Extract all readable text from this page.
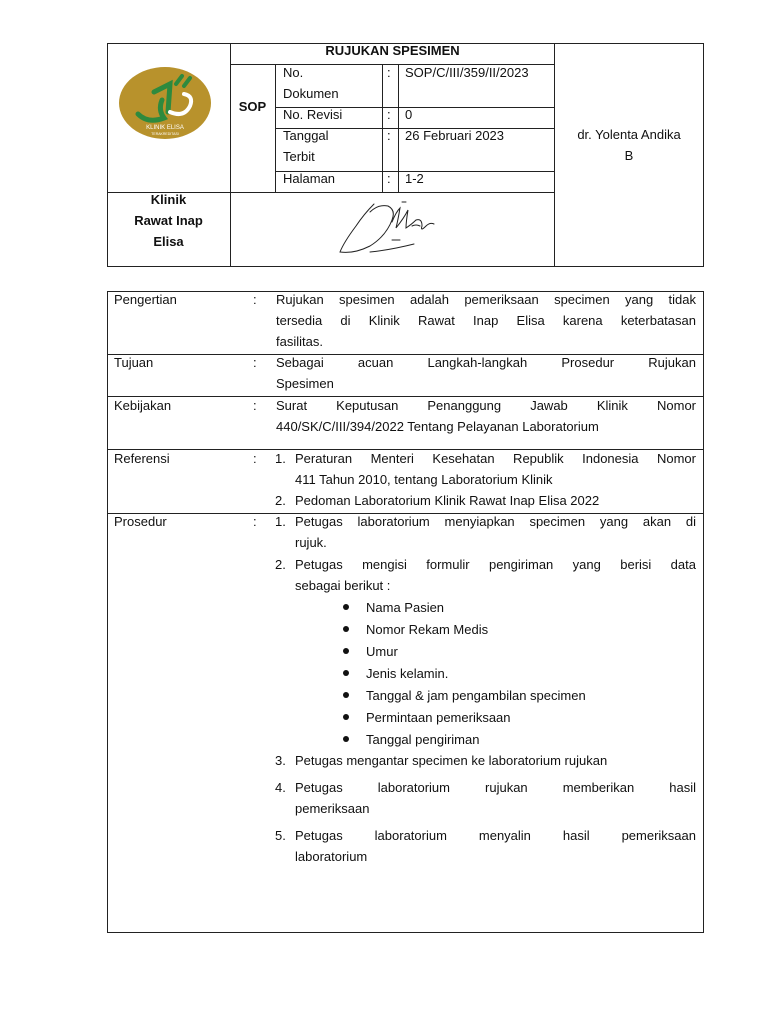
KLINIK ELISA
TERAKREDITASI
Klinik
Rawat Inap
Elisa
RUJUKAN SPESIMEN
SOP
No.
Dokumen
: SOP/C/III/359/II/2023
No. Revisi	: 0
Tanggal
Terbit
: 26 Februari 2023
Halaman	: 1-2
dr. Yolenta Andika
B
Pengertian	: Rujukan spesimen adalah pemeriksaan specimen yang tidak
tersedia di Klinik Rawat Inap Elisa karena keterbatasan
fasilitas.
Tujuan	: Sebagai acuan Langkah-langkah Prosedur Rujukan
Spesimen
Kebijakan	: Surat Keputusan Penanggung Jawab Klinik Nomor
440/SK/C/III/394/2022 Tentang Pelayanan Laboratorium
Referensi	: 1. Peraturan Menteri Kesehatan Republik Indonesia Nomor
411 Tahun 2010, tentang Laboratorium Klinik
2. Pedoman Laboratorium Klinik Rawat Inap Elisa 2022
Prosedur	: 1. Petugas laboratorium menyiapkan specimen yang akan di
rujuk.
2. Petugas mengisi formulir pengiriman yang berisi data
sebagai berikut :
Nama Pasien
Nomor Rekam Medis
Umur
Jenis kelamin.
Tanggal & jam pengambilan specimen
Permintaan pemeriksaan
Tanggal pengiriman
3. Petugas mengantar specimen ke laboratorium rujukan
4. Petugas laboratorium rujukan memberikan hasil
pemeriksaan
5. Petugas laboratorium menyalin hasil pemeriksaan
laboratorium
